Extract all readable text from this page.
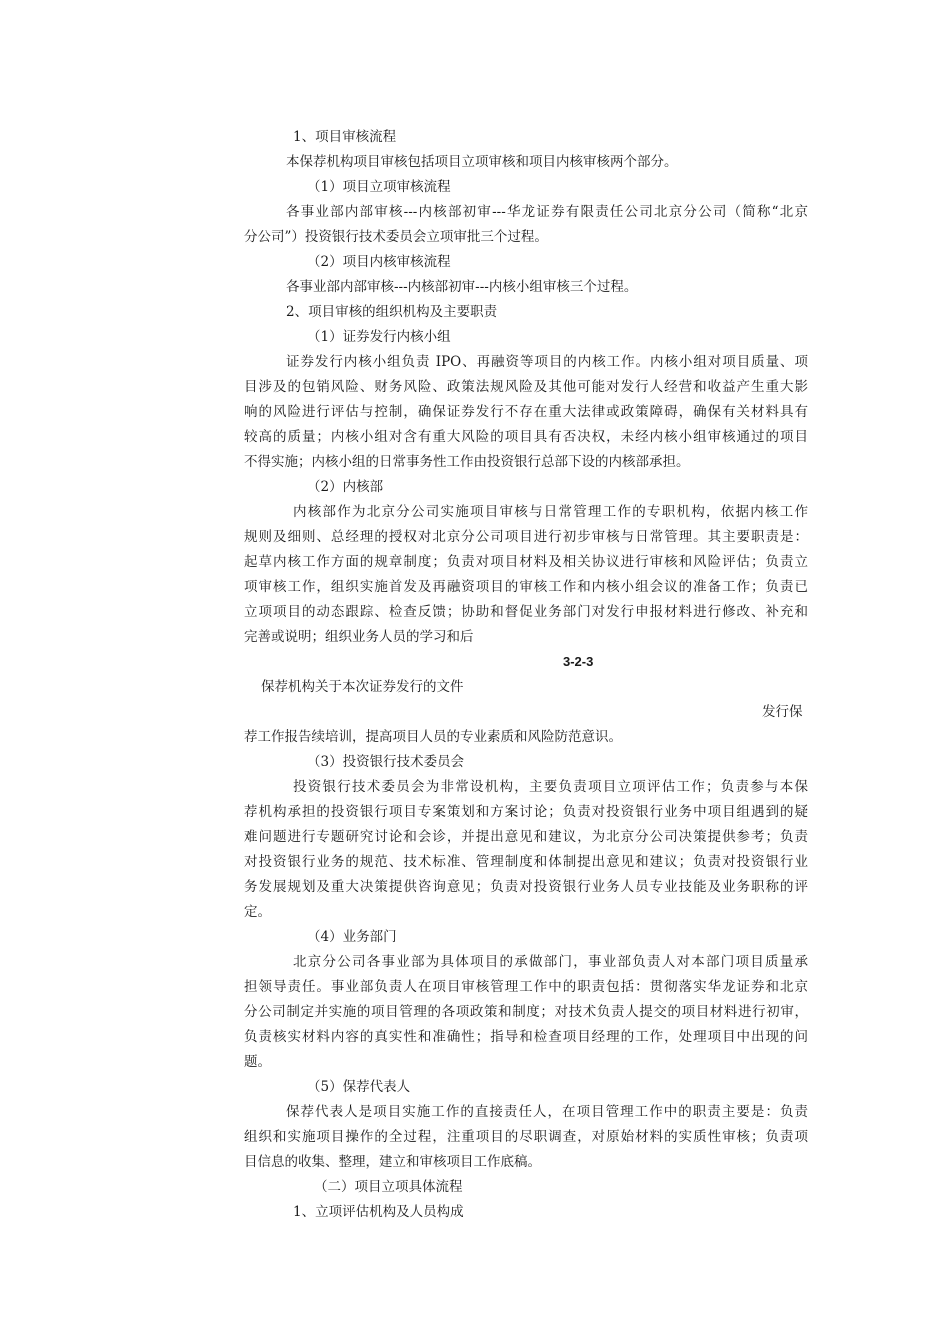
1、项目审核流程
本保荐机构项目审核包括项目立项审核和项目内核审核两个部分。
（1）项目立项审核流程
各事业部内部审核---内核部初审---华龙证券有限责任公司北京分公司（简称“北京
分公司”）投资银行技术委员会立项审批三个过程。
（2）项目内核审核流程
各事业部内部审核---内核部初审---内核小组审核三个过程。
2、项目审核的组织机构及主要职责
（1）证券发行内核小组
证券发行内核小组负责 IPO、再融资等项目的内核工作。内核小组对项目质量、项
目涉及的包销风险、财务风险、政策法规风险及其他可能对发行人经营和收益产生重大影
响的风险进行评估与控制，确保证券发行不存在重大法律或政策障碍，确保有关材料具有
较高的质量；内核小组对含有重大风险的项目具有否决权，未经内核小组审核通过的项目
不得实施；内核小组的日常事务性工作由投资银行总部下设的内核部承担。
（2）内核部
内核部作为北京分公司实施项目审核与日常管理工作的专职机构，依据内核工作
规则及细则、总经理的授权对北京分公司项目进行初步审核与日常管理。其主要职责是：
起草内核工作方面的规章制度；负责对项目材料及相关协议进行审核和风险评估；负责立
项审核工作，组织实施首发及再融资项目的审核工作和内核小组会议的准备工作；负责已
立项项目的动态跟踪、检查反馈；协助和督促业务部门对发行申报材料进行修改、补充和
完善或说明；组织业务人员的学习和后
3-2-3
保荐机构关于本次证券发行的文件
发行保
荐工作报告续培训，提高项目人员的专业素质和风险防范意识。
（3）投资银行技术委员会
投资银行技术委员会为非常设机构，主要负责项目立项评估工作；负责参与本保
荐机构承担的投资银行项目专案策划和方案讨论；负责对投资银行业务中项目组遇到的疑
难问题进行专题研究讨论和会诊，并提出意见和建议，为北京分公司决策提供参考；负责
对投资银行业务的规范、技术标准、管理制度和体制提出意见和建议；负责对投资银行业
务发展规划及重大决策提供咨询意见；负责对投资银行业务人员专业技能及业务职称的评
定。
（4）业务部门
北京分公司各事业部为具体项目的承做部门，事业部负责人对本部门项目质量承
担领导责任。事业部负责人在项目审核管理工作中的职责包括：贯彻落实华龙证券和北京
分公司制定并实施的项目管理的各项政策和制度；对技术负责人提交的项目材料进行初审，
负责核实材料内容的真实性和准确性；指导和检查项目经理的工作，处理项目中出现的问
题。
（5）保荐代表人
保荐代表人是项目实施工作的直接责任人，在项目管理工作中的职责主要是：负责
组织和实施项目操作的全过程，注重项目的尽职调查，对原始材料的实质性审核；负责项
目信息的收集、整理，建立和审核项目工作底稿。
（二）项目立项具体流程
1、立项评估机构及人员构成
